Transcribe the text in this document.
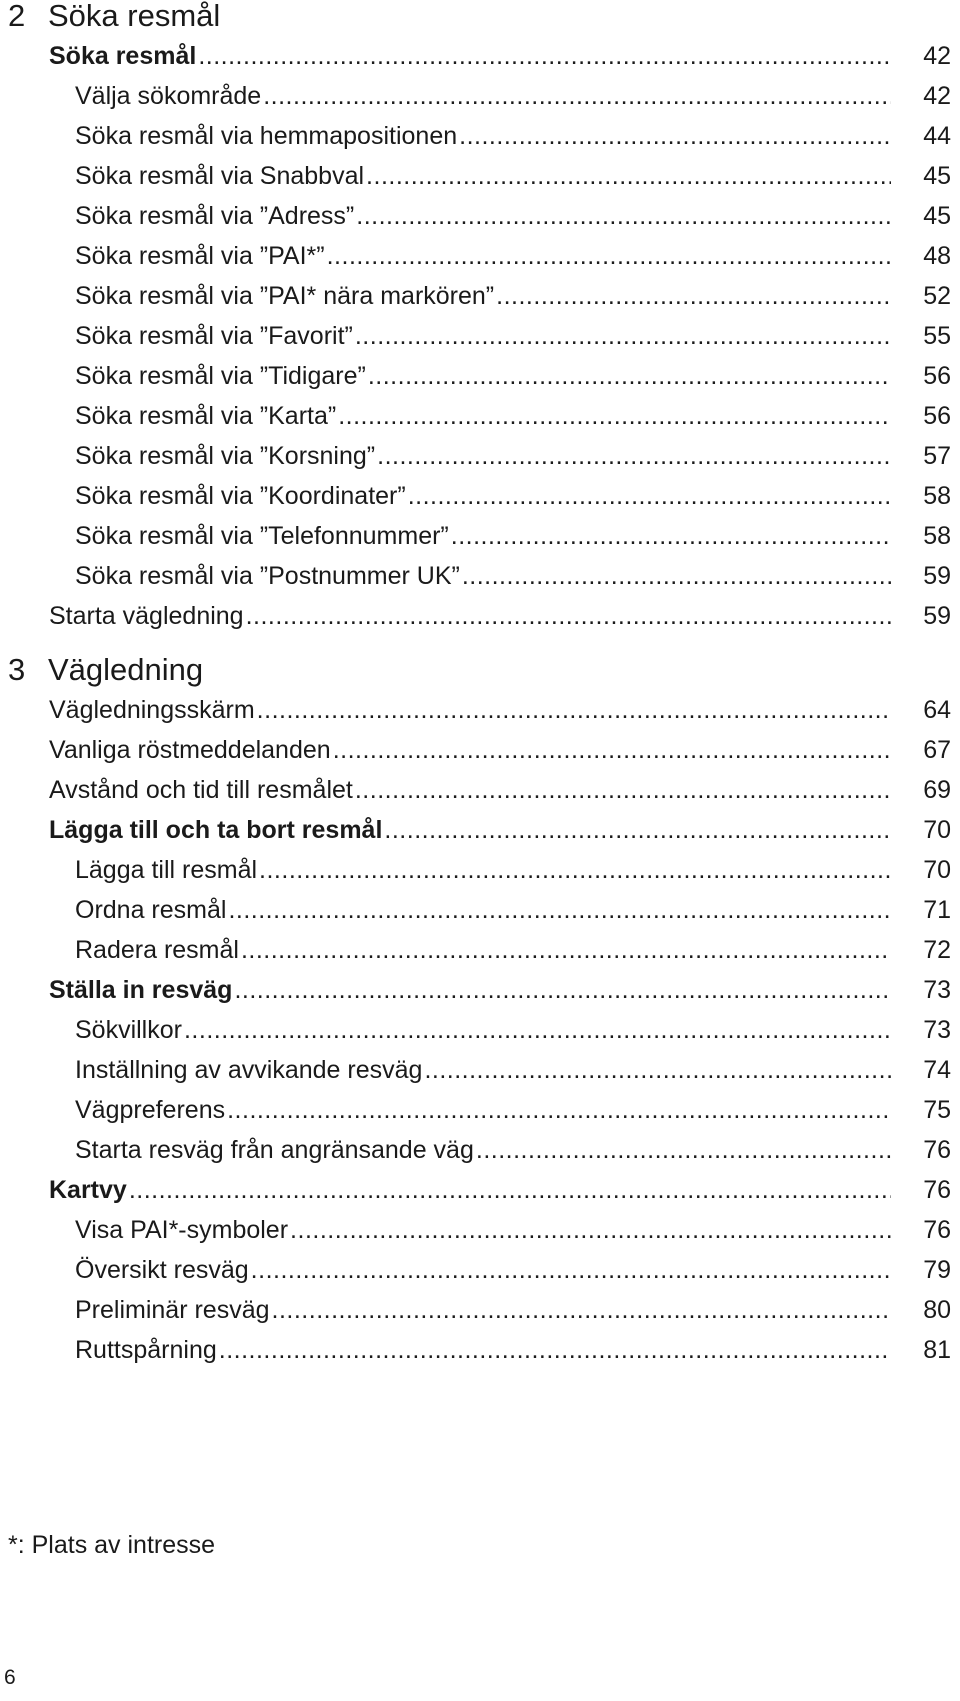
2 Söka resmål
Söka resmål .....	42
Välja sökområde .....	42
Söka resmål via hemmapositionen .....	44
Söka resmål via Snabbval .....	45
Söka resmål via ”Adress” .....	45
Söka resmål via ”PAI*” .....	48
Söka resmål via ”PAI* nära markören” .....	52
Söka resmål via ”Favorit” .....	55
Söka resmål via ”Tidigare” .....	56
Söka resmål via ”Karta” .....	56
Söka resmål via ”Korsning” .....	57
Söka resmål via ”Koordinater” .....	58
Söka resmål via ”Telefonnummer” .....	58
Söka resmål via ”Postnummer UK” .....	59
Starta vägledning .....	59
3 Vägledning
Vägledningsskärm .....	64
Vanliga röstmeddelanden .....	67
Avstånd och tid till resmålet .....	69
Lägga till och ta bort resmål .....	70
Lägga till resmål .....	70
Ordna resmål .....	71
Radera resmål .....	72
Ställa in resväg .....	73
Sökvillkor .....	73
Inställning av avvikande resväg .....	74
Vägpreferens .....	75
Starta resväg från angränsande väg .....	76
Kartvy .....	76
Visa PAI*-symboler .....	76
Översikt resväg .....	79
Preliminär resväg .....	80
Ruttspårning .....	81
*: Plats av intresse
6
